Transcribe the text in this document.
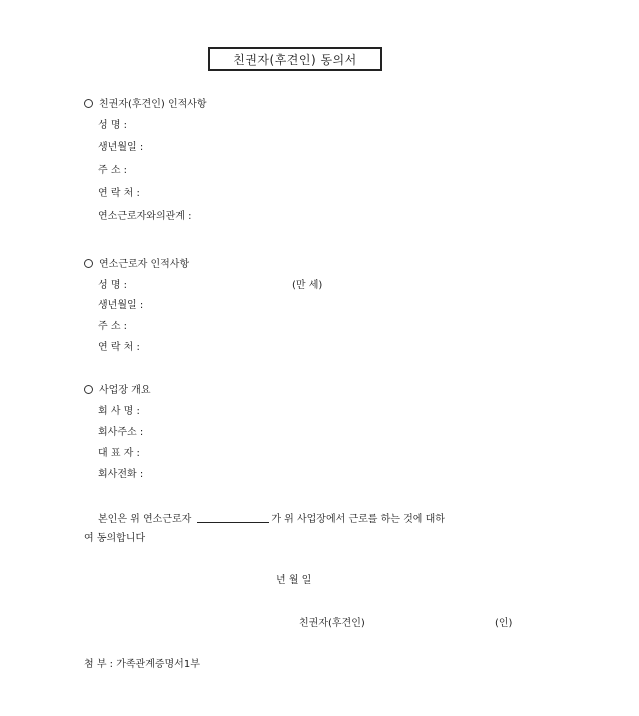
친권자(후견인) 동의서
친권자(후견인) 인적사항
성 명 :
생년월일 :
주 소 :
연 락 처 :
연소근로자와의관계 :
연소근로자 인적사항
성 명 :	(만 세)
생년월일 :
주 소 :
연 락 처 :
사업장 개요
회 사 명 :
회사주소 :
대 표 자 :
회사전화 :
본인은 위 연소근로자	가 위 사업장에서 근로를 하는 것에 대하
여 동의합니다
년 월 일
친권자(후견인)	(인)
첨 부 : 가족관계증명서1부
